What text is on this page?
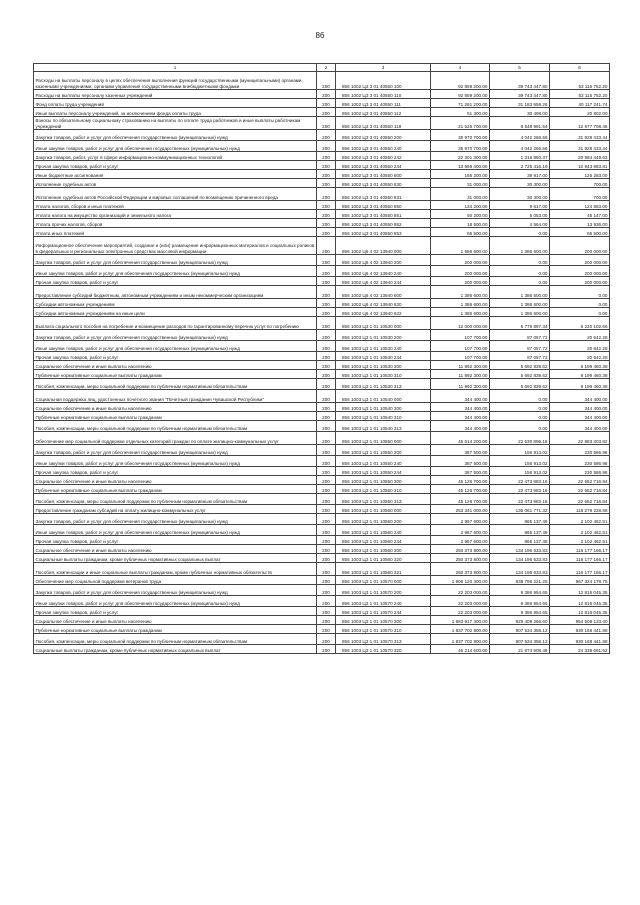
86
1	2	3	4	5	6
Расходы на выплаты персоналу в целях обеспечения выполнения функций государственными (муниципальными) органами, казенными учреждениями, органами управления государственными внебюджетными фондами	200	856 1002 Ц3 3 01 40550 100	92 859 200.00	39 743 447.80	53 115 752.20
Расходы на выплаты персоналу казенных учреждений	200	856 1002 Ц3 3 01 40550 110	92 859 200.00	39 743 447.80	53 115 752.20
Фонд оплаты труда учреждений	200	856 1002 Ц3 3 01 40550 111	71 281 200.00	31 183 958.26	40 117 241.74
Иные выплаты персоналу учреждений, за исключением фонда оплаты труда	200	856 1002 Ц3 3 01 40550 112	51 300.00	30 498.00	20 802.00
Взносы по обязательному социальному страхованию на выплаты по оплате труда работников и иные выплаты работникам учреждений	200	856 1002 Ц3 3 01 40550 119	21 526 700.00	8 548 991.54	12 977 708.46
Закупка товаров, работ и услуг для обеспечения государственных (муниципальных) нужд	200	856 1002 Ц3 3 01 40550 200	35 970 700.00	4 042 266.56	31 928 433.44
Иные закупки товаров, работ и услуг для обеспечения государственных (муниципальных) нужд	200	856 1002 Ц3 3 01 40550 240	35 970 700.00	4 042 266.56	31 928 433.44
Закупка товаров, работ, услуг в сфере информационно-коммуникационных технологий	200	856 1002 Ц3 3 01 40550 242	22 301 300.00	1 316 850.37	20 984 449.63
Прочая закупка товаров, работ и услуг	200	856 1002 Ц3 3 01 40550 244	13 669 400.00	2 725 416.19	10 943 983.81
Иные бюджетные ассигнования	200	856 1002 Ц3 3 01 40550 800	165 200.00	39 917.00	125 283.00
Исполнение судебных актов	200	856 1002 Ц3 3 01 40550 830	31 000.00	30 300.00	700.00
Исполнение судебных актов Российской Федерации и мировых соглашений по возмещению причиненного вреда	200	856 1002 Ц3 3 01 40550 831	31 000.00	30 300.00	700.00
Уплата налогов, сборов и иных платежей	200	856 1002 Ц3 3 01 40550 850	134 200.00	9 617.00	124 583.00
Уплата налога на имущество организаций и земельного налога	200	856 1002 Ц3 3 01 40550 851	50 200.00	5 053.00	45 147.00
Уплата прочих налогов, сборов	200	856 1002 Ц3 3 01 40550 852	18 500.00	4 564.00	13 936.00
Уплата иных платежей	200	856 1002 Ц3 3 01 40550 853	65 500.00	0.00	65 500.00
Информационное обеспечение мероприятий, создание и (или) размещение информационных материалов и социальных роликов в федеральных и региональных электронных средствах массовой информации	200	856 1002 Ц6 4 02 13940 000	1 586 600.00	1 386 600.00	200 000.00
Закупка товаров, работ и услуг для обеспечения государственных (муниципальных) нужд	200	856 1002 Ц6 4 02 13940 200	200 000.00	0.00	200 000.00
Иные закупки товаров, работ и услуг для обеспечения государственных (муниципальных) нужд	200	856 1002 Ц6 4 02 13940 240	200 000.00	0.00	200 000.00
Прочая закупка товаров, работ и услуг	200	856 1002 Ц6 4 02 13940 244	200 000.00	0.00	200 000.00
Предоставление субсидий бюджетным, автономным учреждениям и иным некоммерческим организациям	200	856 1002 Ц6 4 02 13940 600	1 386 600.00	1 386 600.00	0.00
Субсидии автономным учреждениям	200	856 1002 Ц6 4 02 13940 620	1 386 600.00	1 386 600.00	0.00
Субсидии автономным учреждениям на иные цели	200	856 1002 Ц6 4 02 13940 622	1 386 600.00	1 386 600.00	0.00
Выплата социального пособия на погребение и возмещение расходов по гарантированному перечню услуг по погребению	200	856 1003 Ц3 1 01 10530 000	12 000 000.00	5 779 897.34	6 220 102.66
Закупка товаров, работ и услуг для обеспечения государственных (муниципальных) нужд	200	856 1003 Ц3 1 01 10530 200	107 700.00	87 057.72	20 642.28
Иные закупки товаров, работ и услуг для обеспечения государственных (муниципальных) нужд	200	856 1003 Ц3 1 01 10530 240	107 700.00	87 057.72	20 642.28
Прочая закупка товаров, работ и услуг	200	856 1003 Ц3 1 01 10530 244	107 700.00	87 057.72	20 642.28
Социальное обеспечение и иные выплаты населению	200	856 1003 Ц3 1 01 10530 300	11 892 300.00	5 692 839.62	6 199 460.38
Публичные нормативные социальные выплаты гражданам	200	856 1003 Ц3 1 01 10530 310	11 892 300.00	5 692 839.62	6 199 460.38
Пособия, компенсации, меры социальной поддержки по публичным нормативным обязательствам	200	856 1003 Ц3 1 01 10530 313	11 892 300.00	5 692 839.62	6 199 460.38
Социальная поддержка лиц, удостоенных почетного звания "Почетный гражданин Чувашской Республики"	200	856 1003 Ц3 1 01 10540 000	344 400.00	0.00	344 400.00
Социальное обеспечение и иные выплаты населению	200	856 1003 Ц3 1 01 10540 300	344 400.00	0.00	344 400.00
Публичные нормативные социальные выплаты гражданам	200	856 1003 Ц3 1 01 10540 310	344 400.00	0.00	344 400.00
Пособия, компенсации, меры социальной поддержки по публичным нормативным обязательствам	200	856 1003 Ц3 1 01 10540 313	344 400.00	0.00	344 400.00
Обеспечение мер социальной поддержки отдельных категорий граждан по оплате жилищно-коммунальных услуг	200	856 1003 Ц3 1 01 10550 000	45 514 200.00	22 630 896.18	22 883 303.82
Закупка товаров, работ и услуг для обеспечения государственных (муниципальных) нужд	200	856 1003 Ц3 1 01 10550 200	387 500.00	156 913.02	230 586.98
Иные закупки товаров, работ и услуг для обеспечения государственных (муниципальных) нужд	200	856 1003 Ц3 1 01 10550 240	387 500.00	156 913.02	230 586.98
Прочая закупка товаров, работ и услуг	200	856 1003 Ц3 1 01 10550 244	387 500.00	156 913.02	230 586.98
Социальное обеспечение и иные выплаты населению	200	856 1003 Ц3 1 01 10550 300	45 126 700.00	22 473 983.16	22 652 716.84
Публичные нормативные социальные выплаты гражданам	200	856 1003 Ц3 1 01 10550 310	45 126 700.00	22 473 983.16	22 652 716.84
Пособия, компенсации, меры социальной поддержки по публичным нормативным обязательствам	200	856 1003 Ц3 1 01 10550 313	45 126 700.00	22 473 983.16	22 652 716.84
Предоставление гражданам субсидий на оплату жилищно-коммунальных услуг	200	856 1003 Ц3 1 01 10560 000	253 341 000.00	135 061 771.32	118 279 228.68
Закупка товаров, работ и услуг для обеспечения государственных (муниципальных) нужд	200	856 1003 Ц3 1 01 10560 200	2 967 600.00	865 137.49	2 102 462.51
Иные закупки товаров, работ и услуг для обеспечения государственных (муниципальных) нужд	200	856 1003 Ц3 1 01 10560 240	2 967 600.00	865 137.49	2 102 462.51
Прочая закупка товаров, работ и услуг	200	856 1003 Ц3 1 01 10560 244	2 967 600.00	865 137.49	2 102 462.51
Социальное обеспечение и иные выплаты населению	200	856 1003 Ц3 1 01 10560 300	250 373 800.00	134 196 633.83	116 177 166.17
Социальные выплаты гражданам, кроме публичных нормативных социальных выплат	200	856 1003 Ц3 1 01 10560 320	250 373 800.00	134 196 633.83	116 177 166.17
Пособия, компенсации и иные социальные выплаты гражданам, кроме публичных нормативных обязательств	200	856 1003 Ц3 1 01 10560 321	250 373 800.00	134 196 633.83	116 177 166.17
Обеспечение мер социальной поддержки ветеранов труда	200	856 1003 Ц3 1 01 10570 000	1 906 120 400.00	938 796 221.25	967 324 178.75
Закупка товаров, работ и услуг для обеспечения государственных (муниципальных) нужд	200	856 1003 Ц3 1 01 10570 200	22 203 000.00	9 386 954.65	12 816 045.35
Иные закупки товаров, работ и услуг для обеспечения государственных (муниципальных) нужд	200	856 1003 Ц3 1 01 10570 240	22 203 000.00	9 386 954.65	12 816 045.35
Прочая закупка товаров, работ и услуг	200	856 1003 Ц3 1 01 10570 244	22 203 000.00	9 386 954.65	12 816 045.35
Социальное обеспечение и иные выплаты населению	200	856 1003 Ц3 1 01 10570 300	1 883 917 400.00	929 409 266.60	954 508 133.40
Публичные нормативные социальные выплаты гражданам	200	856 1003 Ц3 1 01 10570 310	1 837 702 800.00	907 534 358.12	930 168 441.88
Пособия, компенсации, меры социальной поддержки по публичным нормативным обязательствам	200	856 1003 Ц3 1 01 10570 313	1 837 702 800.00	907 534 358.12	930 168 441.88
Социальные выплаты гражданам, кроме публичных нормативных социальных выплат	200	856 1003 Ц3 1 01 10570 320	46 214 600.00	21 874 908.48	24 339 691.52
